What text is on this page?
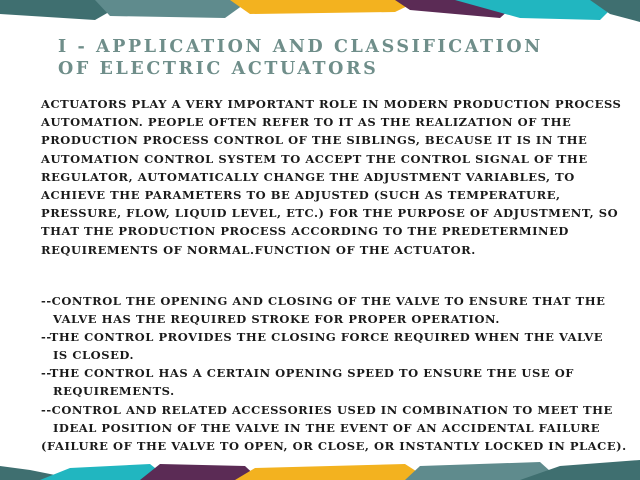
I - APPLICATION AND CLASSIFICATION
OF ELECTRIC ACTUATORS

ACTUATORS PLAY A VERY IMPORTANT ROLE IN MODERN PRODUCTION PROCESS AUTOMATION. PEOPLE OFTEN REFER TO IT AS THE REALIZATION OF THE PRODUCTION PROCESS CONTROL OF THE SIBLINGS, BECAUSE IT IS IN THE AUTOMATION CONTROL SYSTEM TO ACCEPT THE CONTROL SIGNAL OF THE REGULATOR, AUTOMATICALLY CHANGE THE ADJUSTMENT VARIABLES, TO ACHIEVE THE PARAMETERS TO BE ADJUSTED (SUCH AS TEMPERATURE, PRESSURE, FLOW, LIQUID LEVEL, ETC.) FOR THE PURPOSE OF ADJUSTMENT, SO THAT THE PRODUCTION PROCESS ACCORDING TO THE PREDETERMINED REQUIREMENTS OF NORMAL.FUNCTION OF THE ACTUATOR.

--CONTROL THE OPENING AND CLOSING OF THE VALVE TO ENSURE THAT THE
VALVE HAS THE REQUIRED STROKE FOR PROPER OPERATION.
--THE CONTROL PROVIDES THE CLOSING FORCE REQUIRED WHEN THE VALVE
IS CLOSED.
--THE CONTROL HAS A CERTAIN OPENING SPEED TO ENSURE THE USE OF
REQUIREMENTS.
--CONTROL AND RELATED ACCESSORIES USED IN COMBINATION TO MEET THE
IDEAL POSITION OF THE VALVE IN THE EVENT OF AN ACCIDENTAL FAILURE
(FAILURE OF THE VALVE TO OPEN, OR CLOSE, OR INSTANTLY LOCKED IN PLACE).
